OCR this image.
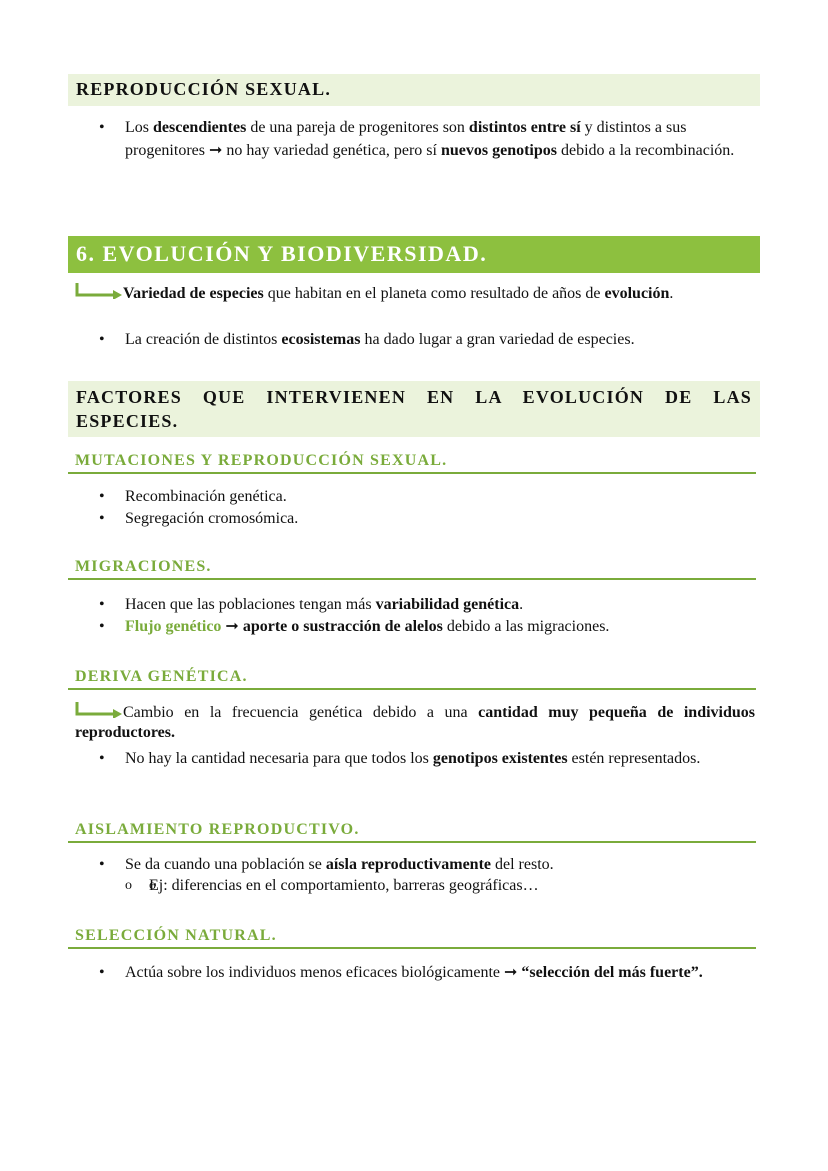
REPRODUCCIÓN SEXUAL.
• Los descendientes de una pareja de progenitores son distintos entre sí y distintos a sus progenitores ➞ no hay variedad genética, pero sí nuevos genotipos debido a la recombinación.
6. EVOLUCIÓN Y BIODIVERSIDAD.
Variedad de especies que habitan en el planeta como resultado de años de evolución.
• La creación de distintos ecosistemas ha dado lugar a gran variedad de especies.
FACTORES QUE INTERVIENEN EN LA EVOLUCIÓN DE LAS ESPECIES.
MUTACIONES Y REPRODUCCIÓN SEXUAL.
• Recombinación genética.
• Segregación cromosómica.
MIGRACIONES.
• Hacen que las poblaciones tengan más variabilidad genética.
• Flujo genético ➞ aporte o sustracción de alelos debido a las migraciones.
DERIVA GENÉTICA.
Cambio en la frecuencia genética debido a una cantidad muy pequeña de individuos reproductores.
• No hay la cantidad necesaria para que todos los genotipos existentes estén representados.
AISLAMIENTO REPRODUCTIVO.
• Se da cuando una población se aísla reproductivamente del resto.
o o Ej: diferencias en el comportamiento, barreras geográficas…
SELECCIÓN NATURAL.
• Actúa sobre los individuos menos eficaces biológicamente ➞ “selección del más fuerte”.
